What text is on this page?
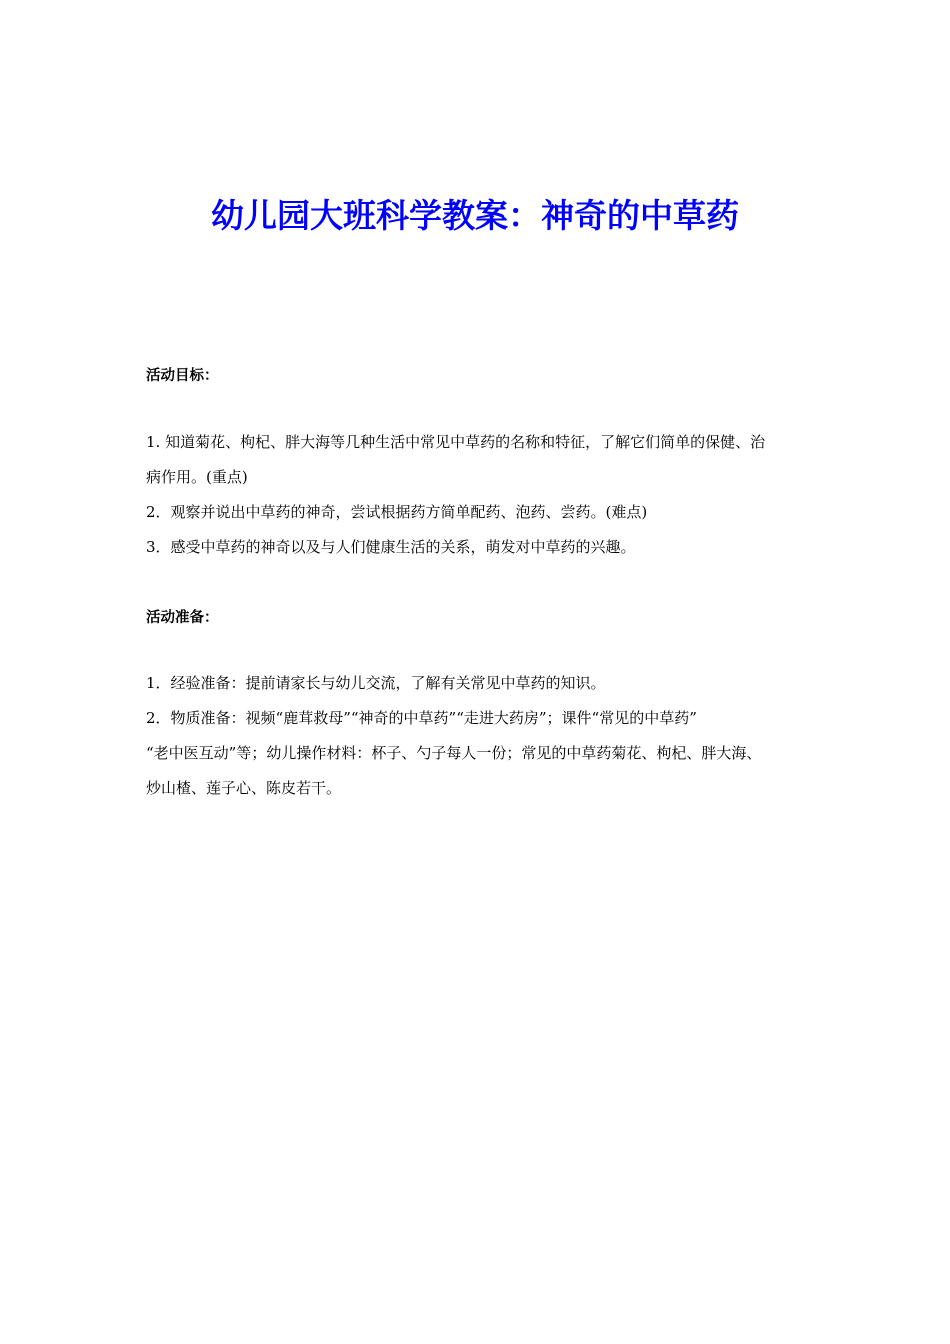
幼儿园大班科学教案：神奇的中草药
活动目标：
1. 知道菊花、枸杞、胖大海等几种生活中常见中草药的名称和特征，了解它们简单的保健、治
病作用。(重点)
2．观察并说出中草药的神奇，尝试根据药方简单配药、泡药、尝药。(难点)
3．感受中草药的神奇以及与人们健康生活的关系，萌发对中草药的兴趣。
活动准备：
1．经验准备：提前请家长与幼儿交流，了解有关常见中草药的知识。
2．物质准备：视频“鹿茸救母”“神奇的中草药”“走进大药房”；课件“常见的中草药”
“老中医互动”等；幼儿操作材料：杯子、勺子每人一份；常见的中草药菊花、枸杞、胖大海、
炒山楂、莲子心、陈皮若干。
